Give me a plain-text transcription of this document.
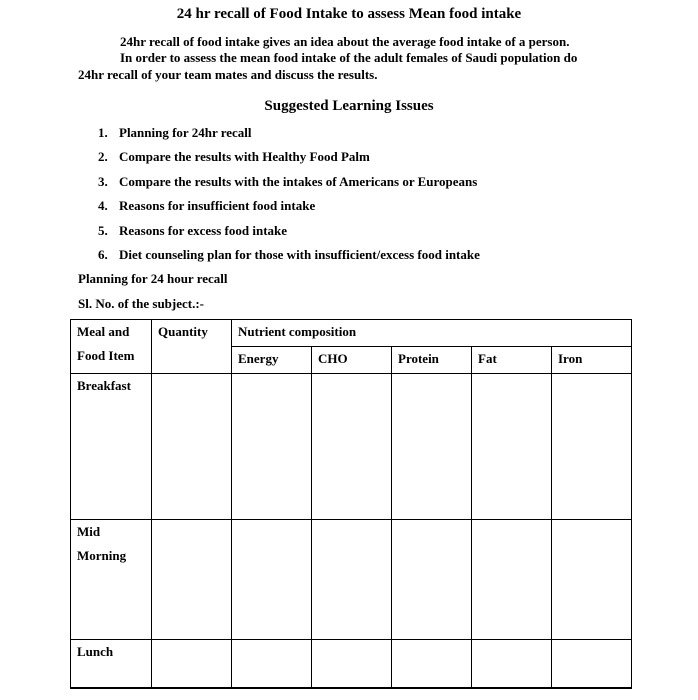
24 hr recall of Food Intake to assess Mean food intake
24hr recall of food intake gives an idea about the average food intake of a person.
In order to assess the mean food intake of the adult females of Saudi population do
24hr recall of your team mates and discuss the results.
Suggested Learning Issues
1. Planning for 24hr recall
2. Compare the results with Healthy Food Palm
3. Compare the results with the intakes of Americans or Europeans
4. Reasons for insufficient food intake
5. Reasons for excess food intake
6. Diet counseling plan for those with insufficient/excess food intake
Planning for 24 hour recall
Sl. No. of the subject.:-
Meal and
Food Item	Quantity	Nutrient composition				
		Energy	CHO	Protein	Fat	Iron
Breakfast						

Mid
Morning						

Lunch						
